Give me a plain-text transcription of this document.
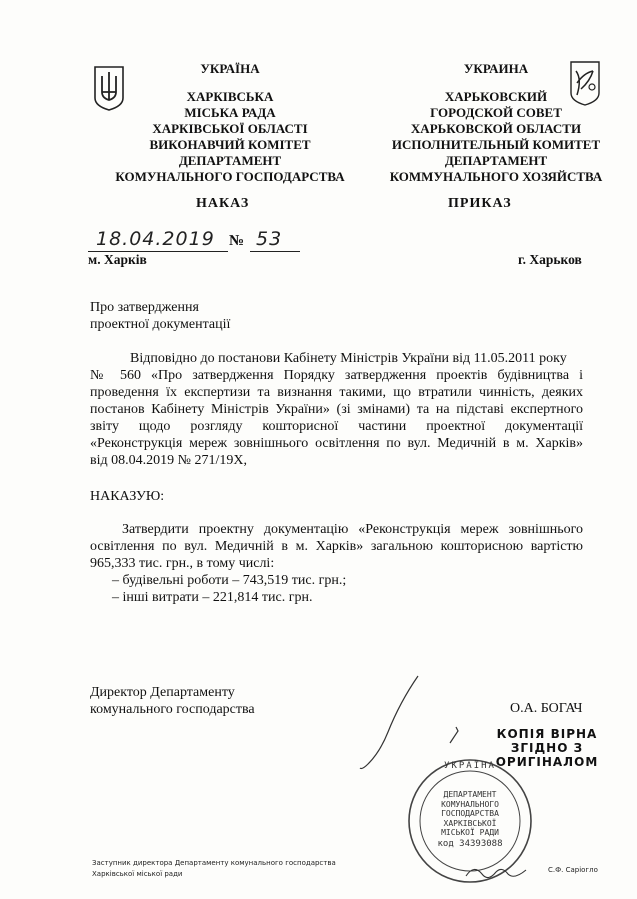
УКРАЇНА
ХАРКІВСЬКА
МІСЬКА РАДА
ХАРКІВСЬКОЇ ОБЛАСТІ
ВИКОНАВЧИЙ КОМІТЕТ
ДЕПАРТАМЕНТ
КОМУНАЛЬНОГО ГОСПОДАРСТВА
УКРАИНА
ХАРЬКОВСКИЙ
ГОРОДСКОЙ СОВЕТ
ХАРЬКОВСКОЙ ОБЛАСТИ
ИСПОЛНИТЕЛЬНЫЙ КОМИТЕТ
ДЕПАРТАМЕНТ
КОММУНАЛЬНОГО ХОЗЯЙСТВА
НАКАЗ	ПРИКАЗ
18.04.2019 № 53
м. Харків	г. Харьков
Про затвердження
проектної документації
Відповідно до постанови Кабінету Міністрів України від 11.05.2011 року
№ 560 «Про затвердження Порядку затвердження проектів будівництва і
проведення їх експертизи та визнання такими, що втратили чинність, деяких
постанов Кабінету Міністрів України» (зі змінами) та на підставі експертного
звіту щодо розгляду кошторисної частини проектної документації
«Реконструкція мереж зовнішнього освітлення по вул. Медичній в м. Харків»
від 08.04.2019 № 271/19Х,
НАКАЗУЮ:
Затвердити проектну документацію «Реконструкція мереж зовнішнього
освітлення по вул. Медичній в м. Харків» загальною кошторисною вартістю
965,333 тис. грн., в тому числі:
– будівельні роботи – 743,519 тис. грн.;
– інші витрати – 221,814 тис. грн.
Директор Департаменту
комунального господарства	О.А. БОГАЧ
КОПІЯ ВІРНА
ЗГІДНО З
ОРИГІНАЛОМ
УКРАЇНА
ДЕПАРТАМЕНТ
КОМУНАЛЬНОГО
ГОСПОДАРСТВА
ХАРКІВСЬКОЇ
МІСЬКОЇ РАДИ
код 34393088
Заступник директора Департаменту комунального господарства
Харківської міської ради	С.Ф. Саріогло
